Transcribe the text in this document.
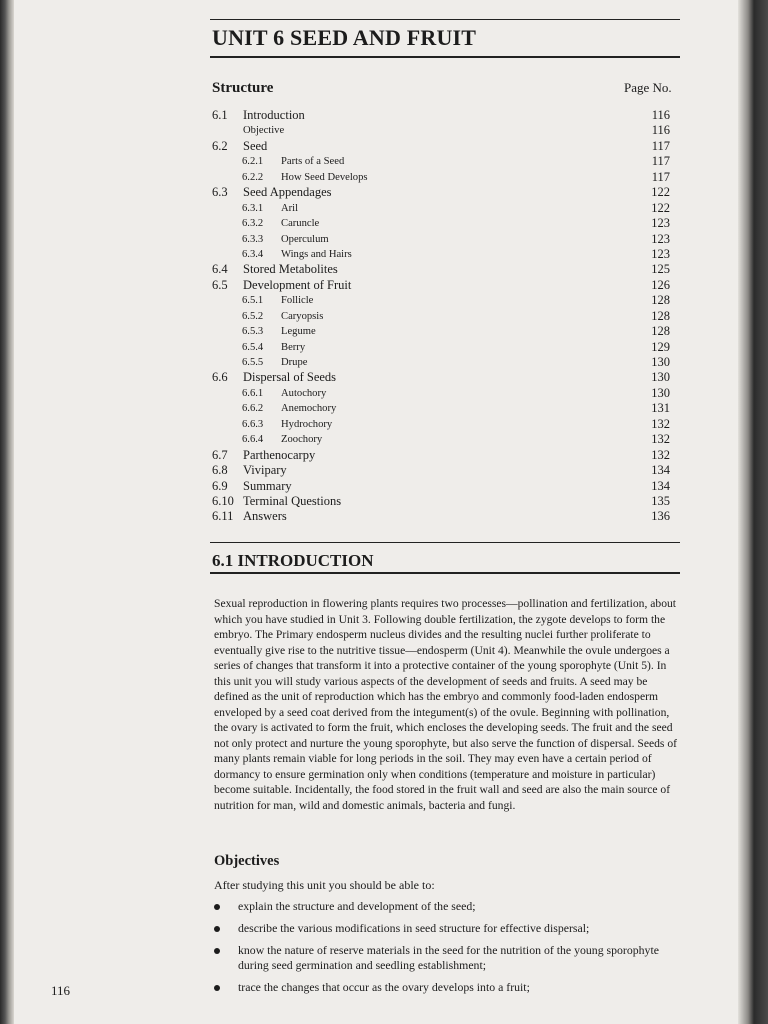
UNIT 6 SEED AND FRUIT
Structure	Page No.
6.1 Introduction	116
Objective	116
6.2 Seed	117
6.2.1 Parts of a Seed	117
6.2.2 How Seed Develops	117
6.3 Seed Appendages	122
6.3.1 Aril	122
6.3.2 Caruncle	123
6.3.3 Operculum	123
6.3.4 Wings and Hairs	123
6.4 Stored Metabolites	125
6.5 Development of Fruit	126
6.5.1 Follicle	128
6.5.2 Caryopsis	128
6.5.3 Legume	128
6.5.4 Berry	129
6.5.5 Drupe	130
6.6 Dispersal of Seeds	130
6.6.1 Autochory	130
6.6.2 Anemochory	131
6.6.3 Hydrochory	132
6.6.4 Zoochory	132
6.7 Parthenocarpy	132
6.8 Vivipary	134
6.9 Summary	134
6.10 Terminal Questions	135
6.11 Answers	136
6.1 INTRODUCTION

Sexual reproduction in flowering plants requires two processes—pollination and fertilization, about which you have studied in Unit 3. Following double fertilization, the zygote develops to form the embryo. The Primary endosperm nucleus divides and the resulting nuclei further proliferate to eventually give rise to the nutritive tissue—endosperm (Unit 4). Meanwhile the ovule undergoes a series of changes that transform it into a protective container of the young sporophyte (Unit 5). In this unit you will study various aspects of the development of seeds and fruits. A seed may be defined as the unit of reproduction which has the embryo and commonly food-laden endosperm enveloped by a seed coat derived from the integument(s) of the ovule. Beginning with pollination, the ovary is activated to form the fruit, which encloses the developing seeds. The fruit and the seed not only protect and nurture the young sporophyte, but also serve the function of dispersal. Seeds of many plants remain viable for long periods in the soil. They may even have a certain period of dormancy to ensure germination only when conditions (temperature and moisture in particular) become suitable. Incidentally, the food stored in the fruit wall and seed are also the main source of nutrition for man, wild and domestic animals, bacteria and fungi.

Objectives

After studying this unit you should be able to:

explain the structure and development of the seed;
describe the various modifications in seed structure for effective dispersal;
know the nature of reserve materials in the seed for the nutrition of the young sporophyte during seed germination and seedling establishment;
trace the changes that occur as the ovary develops into a fruit;
116
